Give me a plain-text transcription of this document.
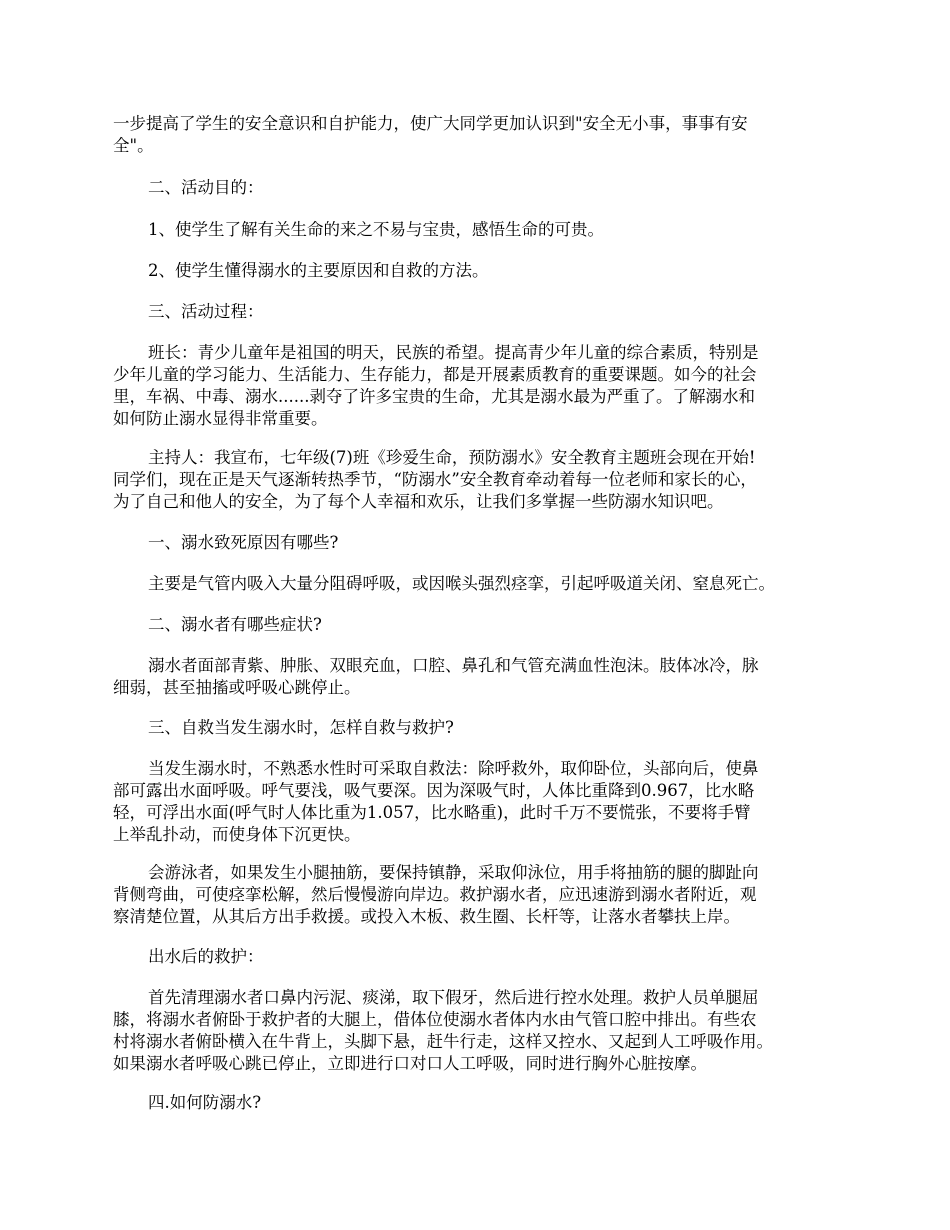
一步提高了学生的安全意识和自护能力，使广大同学更加认识到"安全无小事，事事有安
全"。

二、活动目的：

1、使学生了解有关生命的来之不易与宝贵，感悟生命的可贵。

2、使学生懂得溺水的主要原因和自救的方法。

三、活动过程：

班长：青少儿童年是祖国的明天，民族的希望。提高青少年儿童的综合素质，特别是
少年儿童的学习能力、生活能力、生存能力，都是开展素质教育的重要课题。如今的社会
里，车祸、中毒、溺水......剥夺了许多宝贵的生命，尤其是溺水最为严重了。了解溺水和
如何防止溺水显得非常重要。

主持人：我宣布，七年级(7)班《珍爱生命，预防溺水》安全教育主题班会现在开始!
同学们，现在正是天气逐渐转热季节，“防溺水”安全教育牵动着每一位老师和家长的心，
为了自己和他人的安全，为了每个人幸福和欢乐，让我们多掌握一些防溺水知识吧。

一、溺水致死原因有哪些?

主要是气管内吸入大量分阻碍呼吸，或因喉头强烈痉挛，引起呼吸道关闭、窒息死亡。

二、溺水者有哪些症状?

溺水者面部青紫、肿胀、双眼充血，口腔、鼻孔和气管充满血性泡沫。肢体冰冷，脉
细弱，甚至抽搐或呼吸心跳停止。

三、自救当发生溺水时，怎样自救与救护?

当发生溺水时，不熟悉水性时可采取自救法：除呼救外，取仰卧位，头部向后，使鼻
部可露出水面呼吸。呼气要浅，吸气要深。因为深吸气时，人体比重降到0.967，比水略
轻，可浮出水面(呼气时人体比重为1.057，比水略重)，此时千万不要慌张，不要将手臂
上举乱扑动，而使身体下沉更快。

会游泳者，如果发生小腿抽筋，要保持镇静，采取仰泳位，用手将抽筋的腿的脚趾向
背侧弯曲，可使痉挛松解，然后慢慢游向岸边。救护溺水者，应迅速游到溺水者附近，观
察清楚位置，从其后方出手救援。或投入木板、救生圈、长杆等，让落水者攀扶上岸。

出水后的救护：

首先清理溺水者口鼻内污泥、痰涕，取下假牙，然后进行控水处理。救护人员单腿屈
膝，将溺水者俯卧于救护者的大腿上，借体位使溺水者体内水由气管口腔中排出。有些农
村将溺水者俯卧横入在牛背上，头脚下悬，赶牛行走，这样又控水、又起到人工呼吸作用。
如果溺水者呼吸心跳已停止，立即进行口对口人工呼吸，同时进行胸外心脏按摩。

四.如何防溺水?
